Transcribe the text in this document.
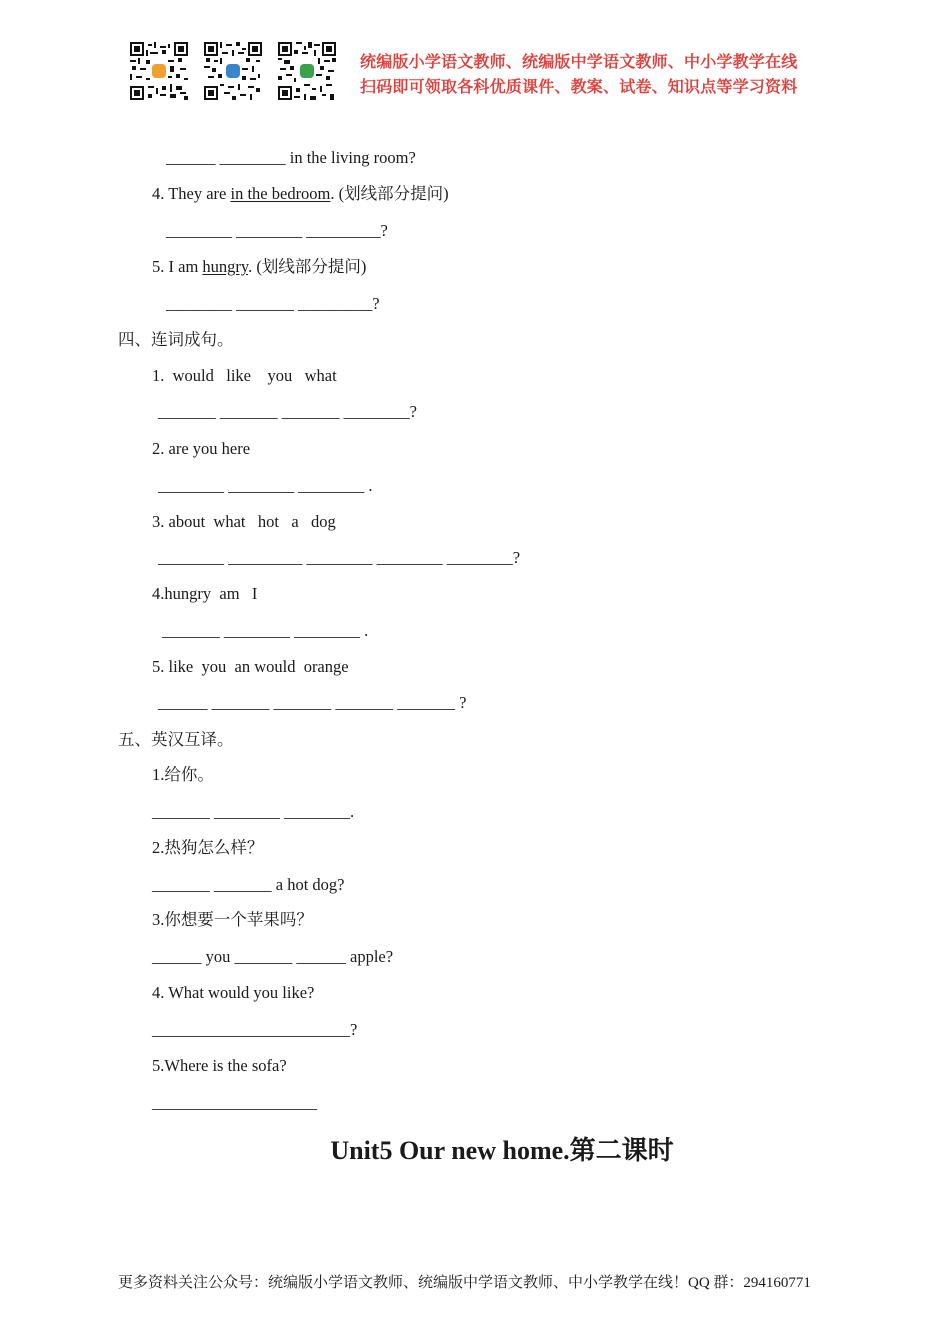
统编版小学语文教师、统编版中学语文教师、中小学教学在线
扫码即可领取各科优质课件、教案、试卷、知识点等学习资料
______ ________ in the living room?
4. They are in the bedroom. (划线部分提问)
________ ________ _________?
5. I am hungry. (划线部分提问)
________ _______ _________?
四、连词成句。
1.  would   like    you   what
_______ _______ _______ ________?
2. are you here
________ ________ ________ .
3. about  what   hot   a   dog
________ _________ ________ ________ ________?
4.hungry  am   I
_______ ________ ________ .
5. like  you  an would  orange
______ _______ _______ _______ _______ ?
五、英汉互译。
1.给你。
_______ ________ ________.
2.热狗怎么样？
_______ _______ a hot dog?
3.你想要一个苹果吗？
______ you _______ ______ apple?
4. What would you like?
________________________?
5.Where is the sofa?
____________________
Unit5 Our new home.第二课时
更多资料关注公众号：统编版小学语文教师、统编版中学语文教师、中小学教学在线！QQ 群：294160771
